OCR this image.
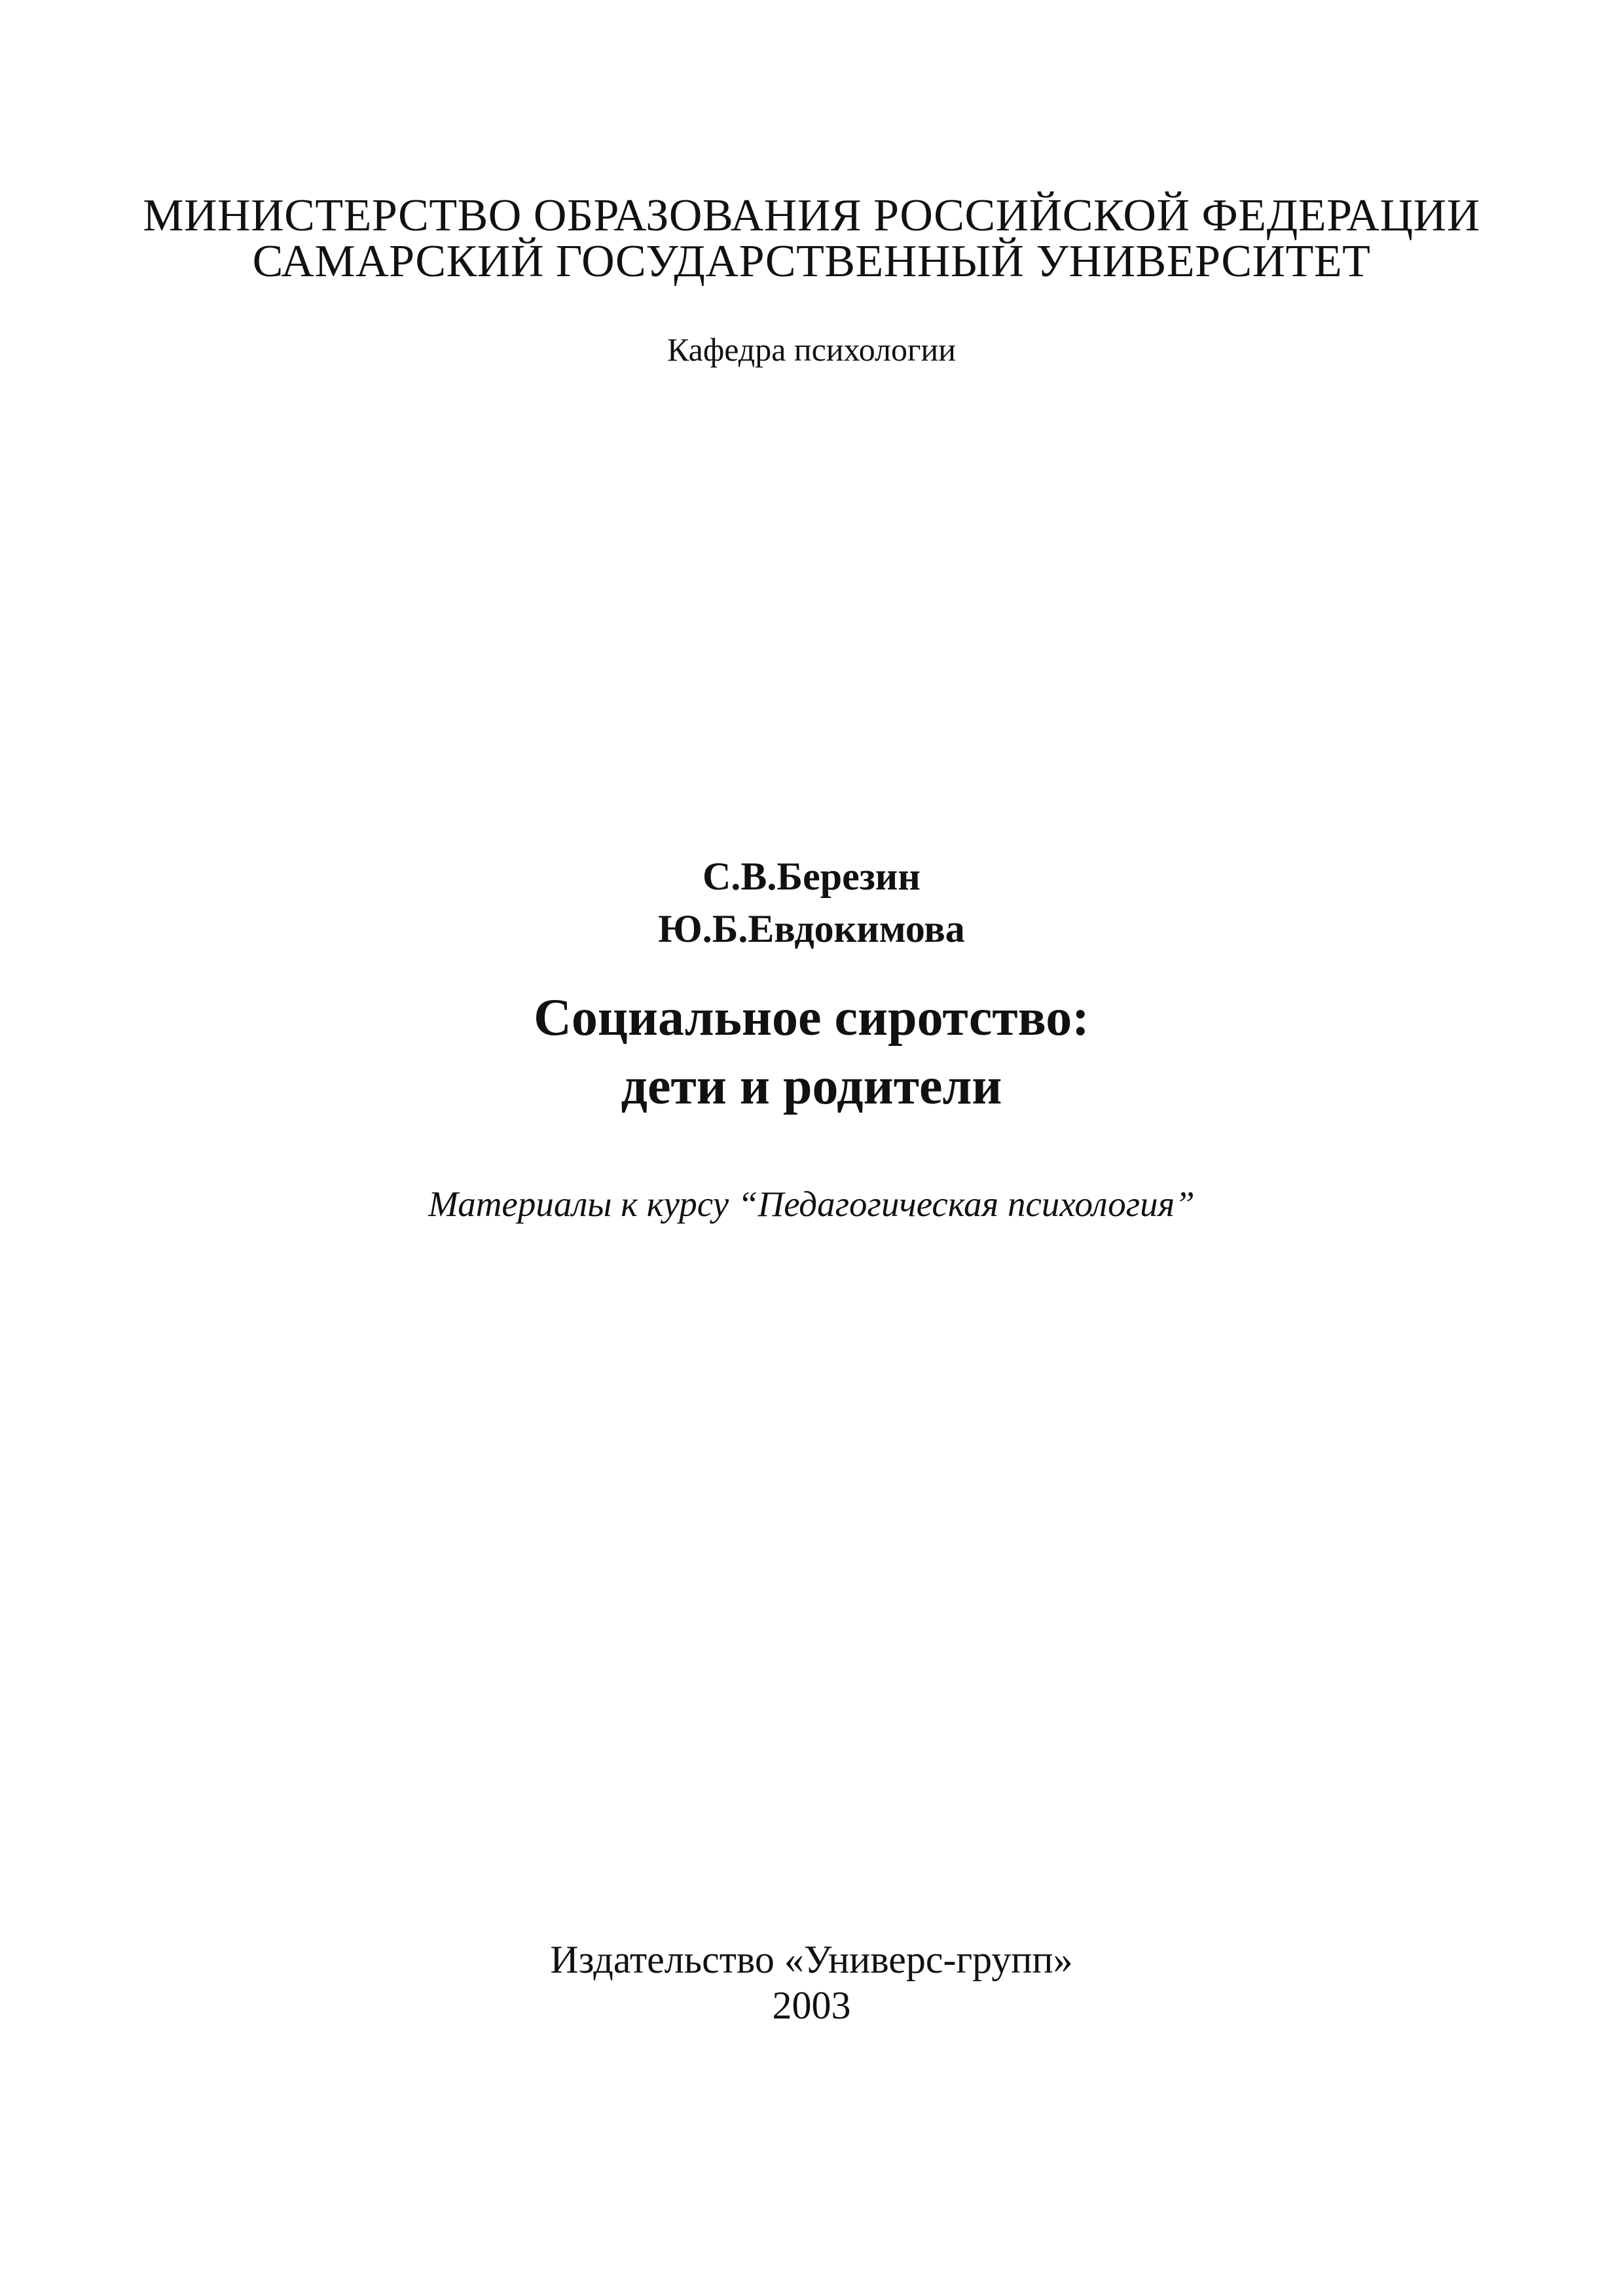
МИНИСТЕРСТВО ОБРАЗОВАНИЯ РОССИЙСКОЙ ФЕДЕРАЦИИ
САМАРСКИЙ ГОСУДАРСТВЕННЫЙ УНИВЕРСИТЕТ
Кафедра психологии
С.В.Березин
Ю.Б.Евдокимова
Социальное сиротство:
дети и родители
Материалы к курсу “Педагогическая психология”
Издательство «Универс-групп»
2003
